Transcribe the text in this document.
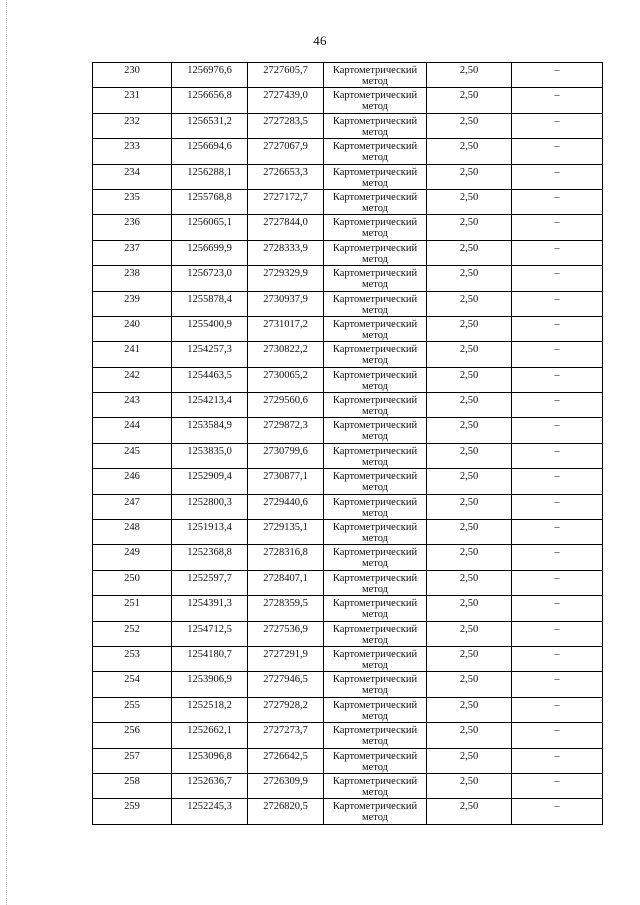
46
230	1256976,6	2727605,7	Картометрический метод	2,50	–

231	1256656,8	2727439,0	Картометрический метод	2,50	–

232	1256531,2	2727283,5	Картометрический метод	2,50	–

233	1256694,6	2727067,9	Картометрический метод	2,50	–

234	1256288,1	2726653,3	Картометрический метод	2,50	–

235	1255768,8	2727172,7	Картометрический метод	2,50	–

236	1256065,1	2727844,0	Картометрический метод	2,50	–

237	1256699,9	2728333,9	Картометрический метод	2,50	–

238	1256723,0	2729329,9	Картометрический метод	2,50	–

239	1255878,4	2730937,9	Картометрический метод	2,50	–

240	1255400,9	2731017,2	Картометрический метод	2,50	–

241	1254257,3	2730822,2	Картометрический метод	2,50	–

242	1254463,5	2730065,2	Картометрический метод	2,50	–

243	1254213,4	2729560,6	Картометрический метод	2,50	–

244	1253584,9	2729872,3	Картометрический метод	2,50	–

245	1253835,0	2730799,6	Картометрический метод	2,50	–

246	1252909,4	2730877,1	Картометрический метод	2,50	–

247	1252800,3	2729440,6	Картометрический метод	2,50	–

248	1251913,4	2729135,1	Картометрический метод	2,50	–

249	1252368,8	2728316,8	Картометрический метод	2,50	–

250	1252597,7	2728407,1	Картометрический метод	2,50	–

251	1254391,3	2728359,5	Картометрический метод	2,50	–

252	1254712,5	2727536,9	Картометрический метод	2,50	–

253	1254180,7	2727291,9	Картометрический метод	2,50	–

254	1253906,9	2727946,5	Картометрический метод	2,50	–

255	1252518,2	2727928,2	Картометрический метод	2,50	–

256	1252662,1	2727273,7	Картометрический метод	2,50	–

257	1253096,8	2726642,5	Картометрический метод	2,50	–

258	1252636,7	2726309,9	Картометрический метод	2,50	–

259	1252245,3	2726820,5	Картометрический метод	2,50	–
